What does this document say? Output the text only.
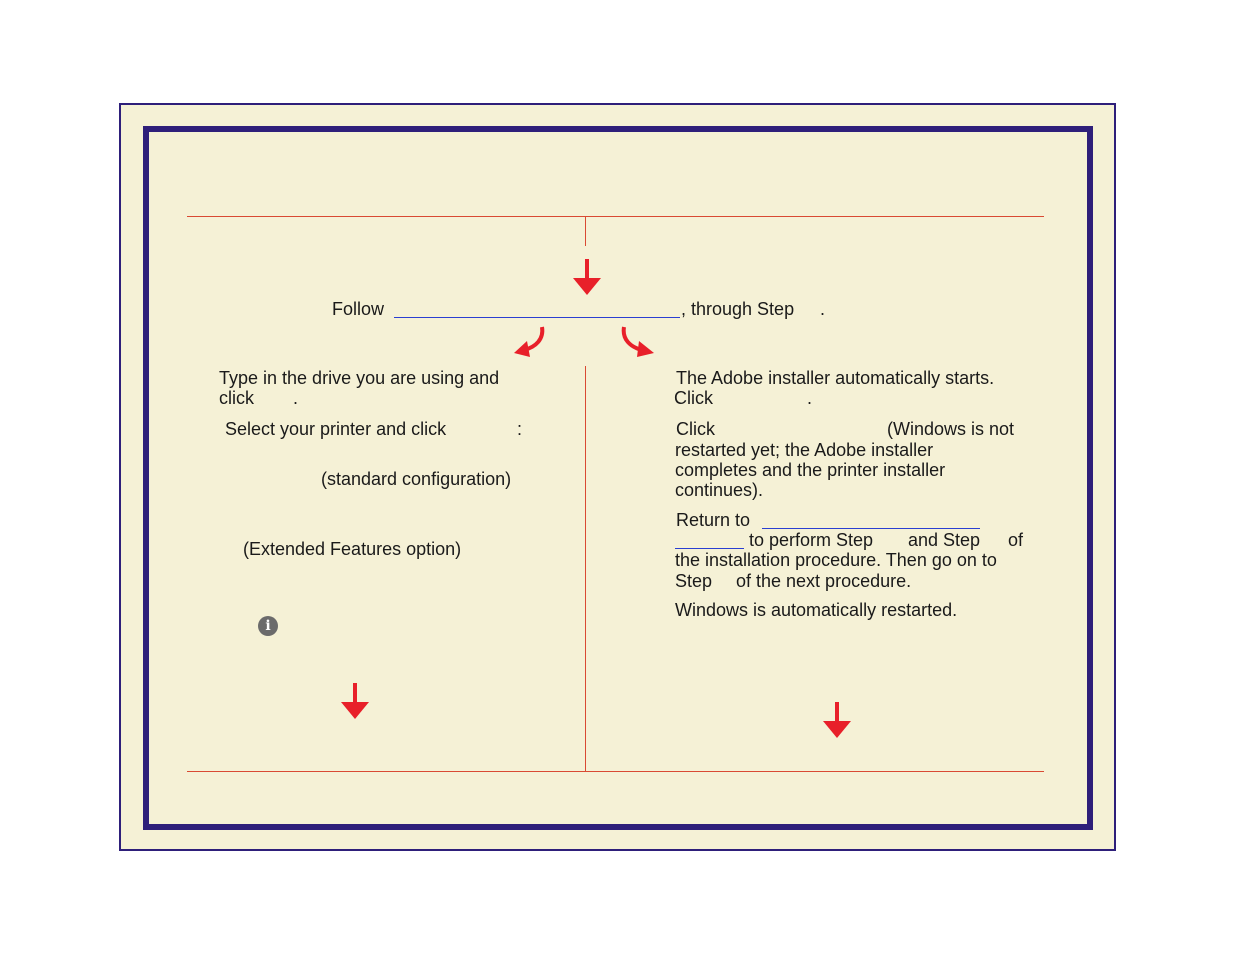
Follow	, through Step .
Type in the drive you are using and
click .
Select your printer and click	:
(standard configuration)
(Extended Features option)
i
The Adobe installer automatically starts.
Click	.
Click	(Windows is not
restarted yet; the Adobe installer
completes and the printer installer
continues).
Return to
to perform Step and Step of
the installation procedure. Then go on to
Step of the next procedure.
Windows is automatically restarted.
